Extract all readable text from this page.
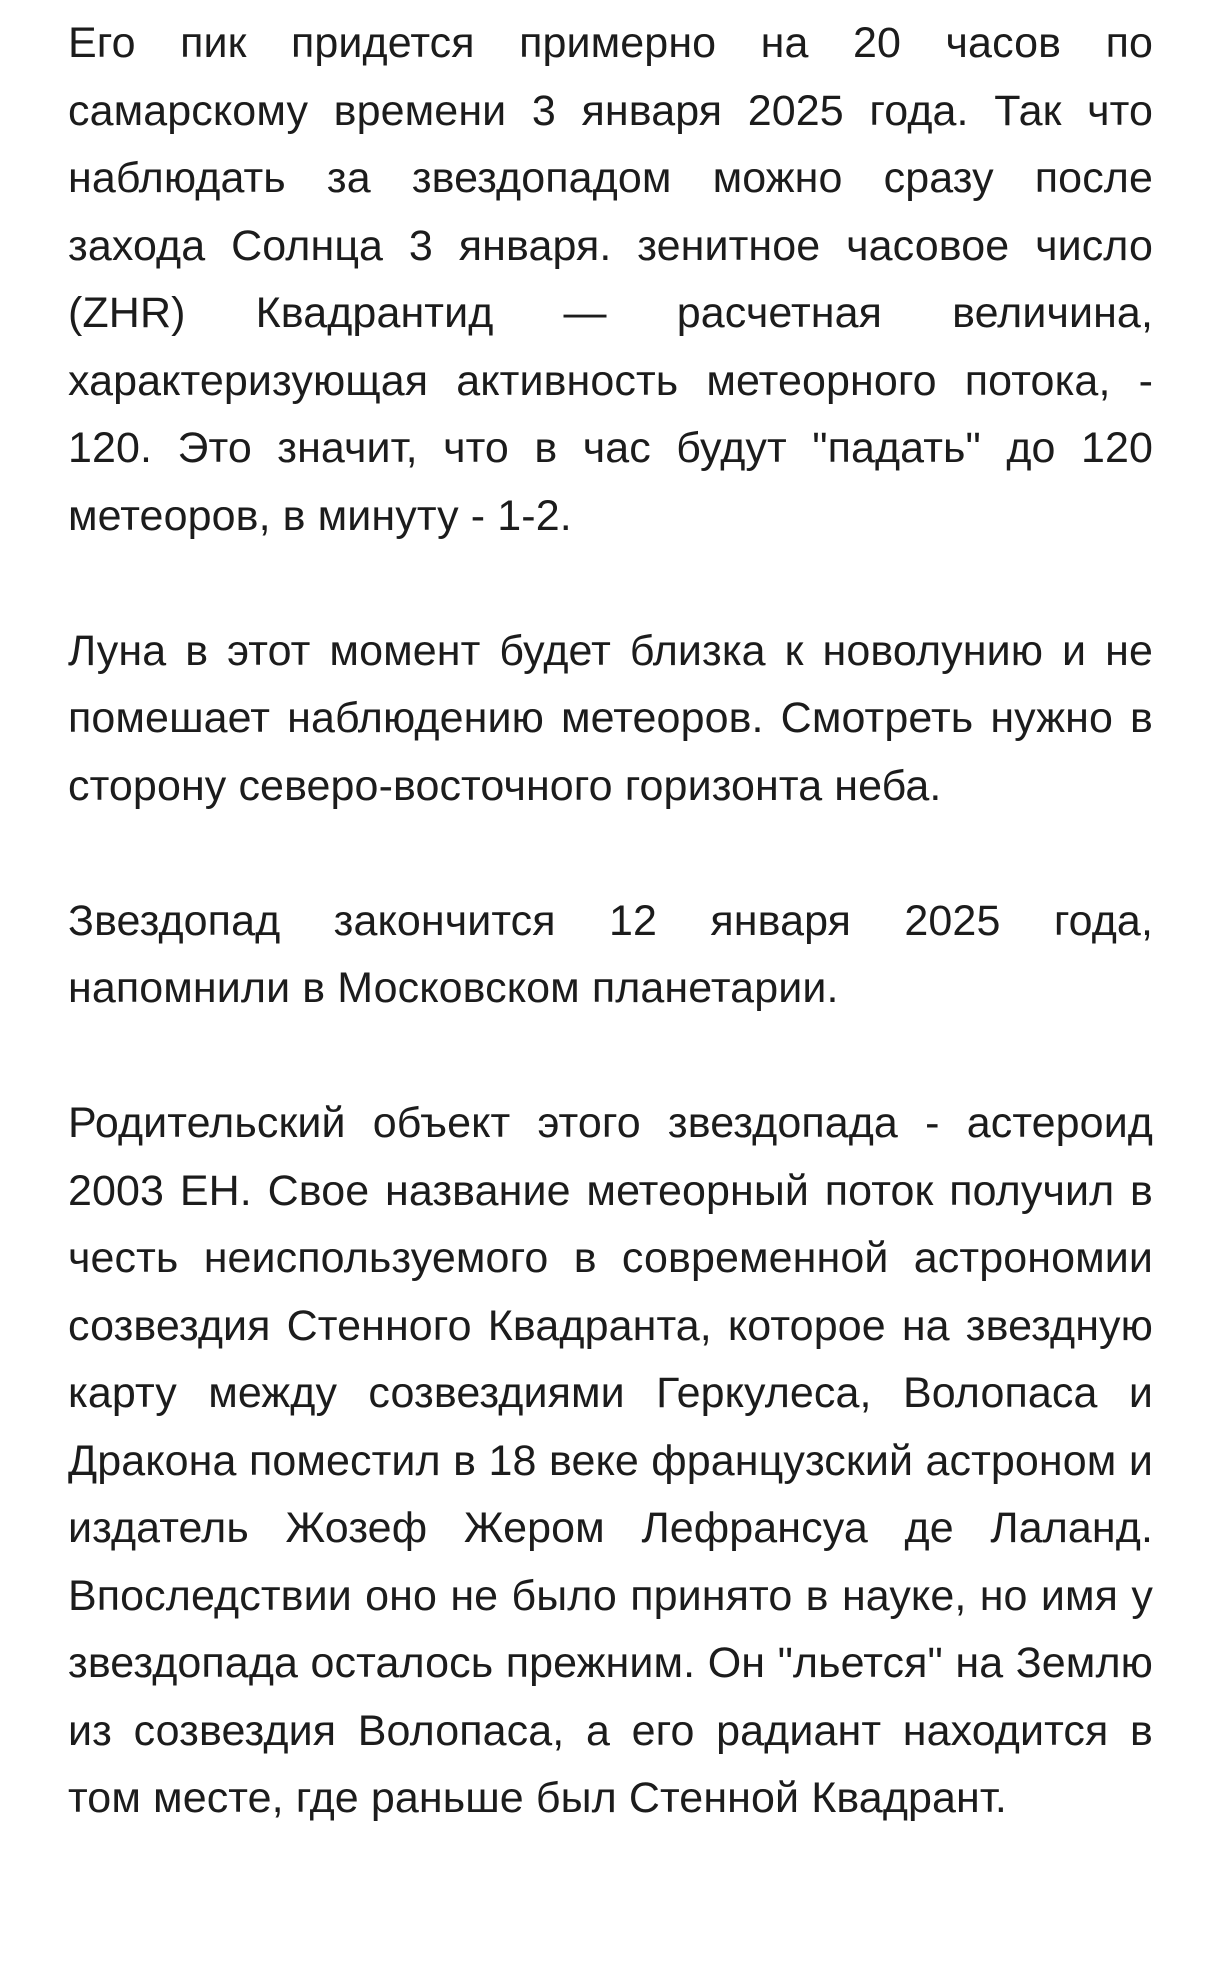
Его пик придется примерно на 20 часов по самарскому времени 3 января 2025 года. Так что наблюдать за звездопадом можно сразу после захода Солнца 3 января. зенитное часовое число (ZHR) Квадрантид — расчетная величина, характеризующая активность метеорного потока, - 120. Это значит, что в час будут "падать" до 120 метеоров, в минуту - 1-2.

Луна в этот момент будет близка к новолунию и не помешает наблюдению метеоров. Смотреть нужно в сторону северо-восточного горизонта неба.

Звездопад закончится 12 января 2025 года, напомнили в Московском планетарии.

Родительский объект этого звездопада - астероид 2003 EH. Свое название метеорный поток получил в честь неиспользуемого в современной астрономии созвездия Стенного Квадранта, которое на звездную карту между созвездиями Геркулеса, Волопаса и Дракона поместил в 18 веке французский астроном и издатель Жозеф Жером Лефрансуа де Лаланд. Впоследствии оно не было принято в науке, но имя у звездопада осталось прежним. Он "льется" на Землю из созвездия Волопаса, а его радиант находится в том месте, где раньше был Стенной Квадрант.
